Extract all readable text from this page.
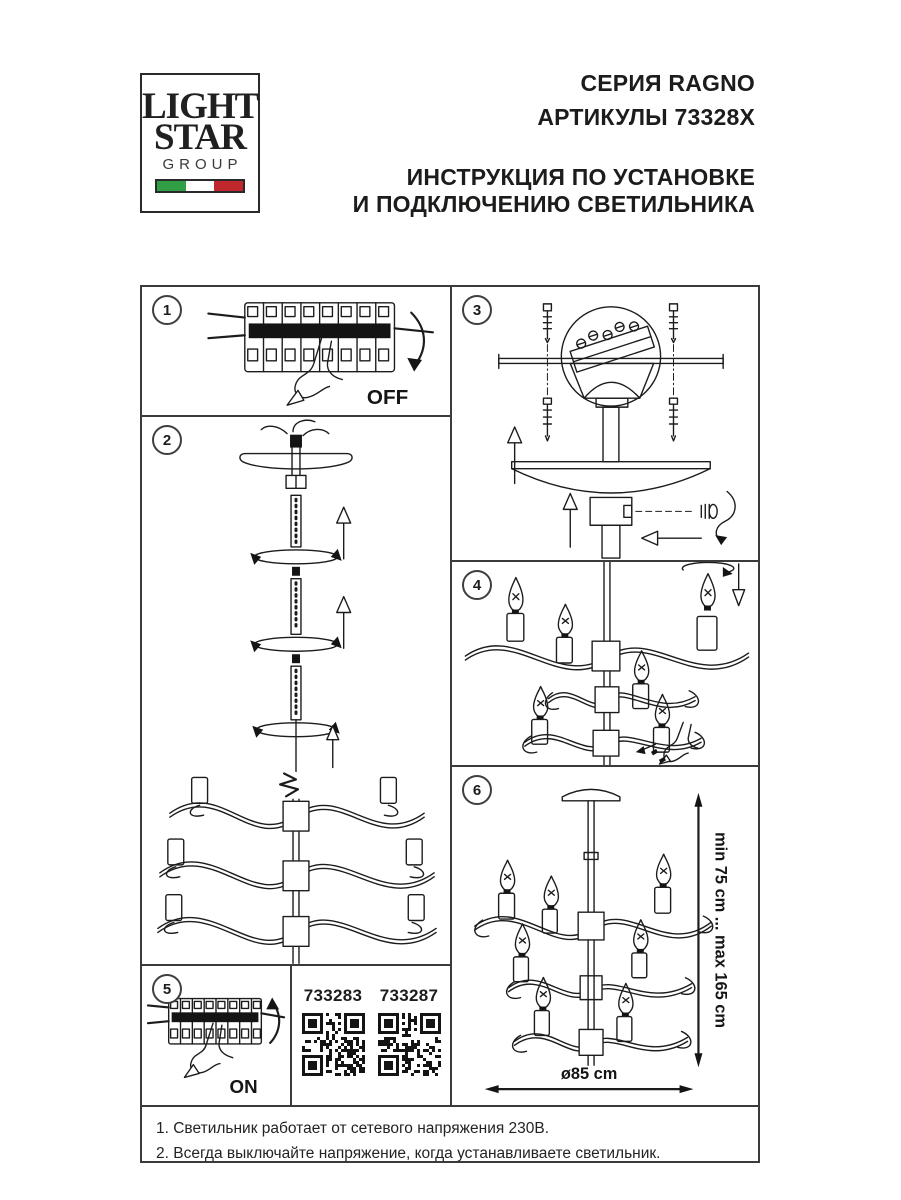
LIGHT
STAR
GROUP
СЕРИЯ RAGNO
АРТИКУЛЫ 73328X
ИНСТРУКЦИЯ ПО УСТАНОВКЕ
И ПОДКЛЮЧЕНИЮ СВЕТИЛЬНИКА
1
OFF
2
3
4
6
min 75 cm ... max 165 cm
ø85 cm
5
ON
733283 733287
1. Светильник работает от сетевого напряжения 230В.
2. Всегда выключайте напряжение, когда устанавливаете светильник.
